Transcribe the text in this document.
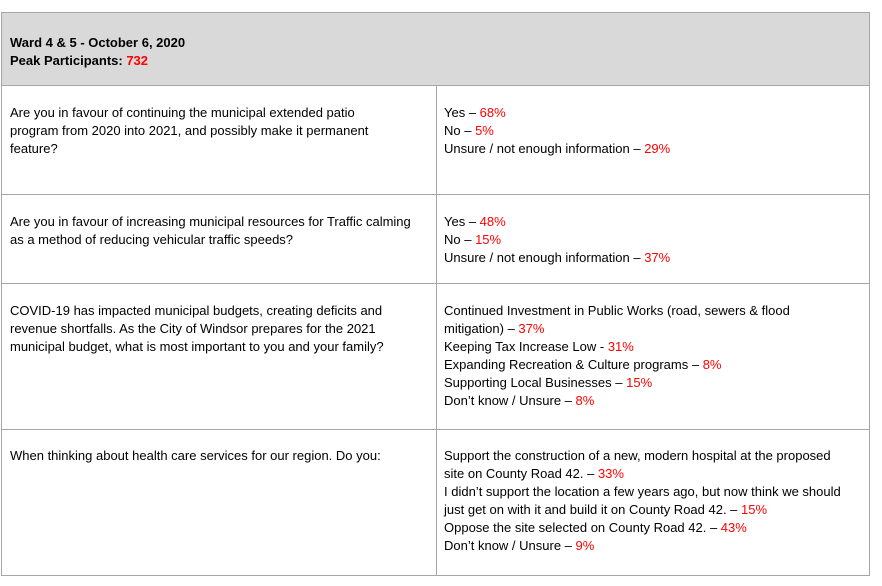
Ward 4 & 5 - October 6, 2020
Peak Participants: 732
Are you in favour of continuing the municipal extended patio
program from 2020 into 2021, and possibly make it permanent
feature?
Yes – 68%
No – 5%
Unsure / not enough information – 29%
Are you in favour of increasing municipal resources for Traffic calming
as a method of reducing vehicular traffic speeds?
Yes – 48%
No – 15%
Unsure / not enough information – 37%
COVID-19 has impacted municipal budgets, creating deficits and
revenue shortfalls. As the City of Windsor prepares for the 2021
municipal budget, what is most important to you and your family?
Continued Investment in Public Works (road, sewers & flood
mitigation) – 37%
Keeping Tax Increase Low - 31%
Expanding Recreation & Culture programs – 8%
Supporting Local Businesses – 15%
Don’t know / Unsure – 8%
When thinking about health care services for our region. Do you:	Support the construction of a new, modern hospital at the proposed
site on County Road 42. – 33%
I didn’t support the location a few years ago, but now think we should
just get on with it and build it on County Road 42. – 15%
Oppose the site selected on County Road 42. – 43%
Don’t know / Unsure – 9%
